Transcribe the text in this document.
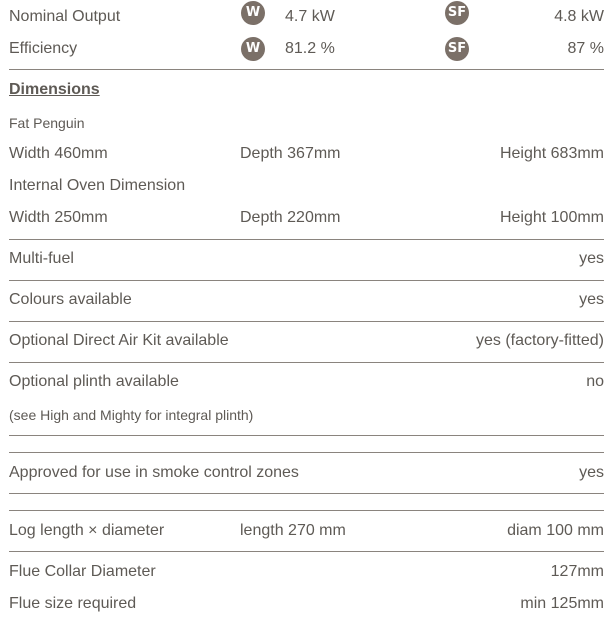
Nominal Output	W	4.7 kW	SF	4.8 kW
Efficiency	W	81.2 %	SF	87 %
Dimensions
Fat Penguin
Width 460mm	Depth 367mm	Height 683mm
Internal Oven Dimension
Width 250mm	Depth 220mm	Height 100mm
Multi-fuel	yes
Colours available	yes
Optional Direct Air Kit available	yes (factory-fitted)
Optional plinth available	no
(see High and Mighty for integral plinth)
Approved for use in smoke control zones	yes
Log length × diameter	length 270 mm	diam 100 mm
Flue Collar Diameter	127mm
Flue size required	min 125mm
